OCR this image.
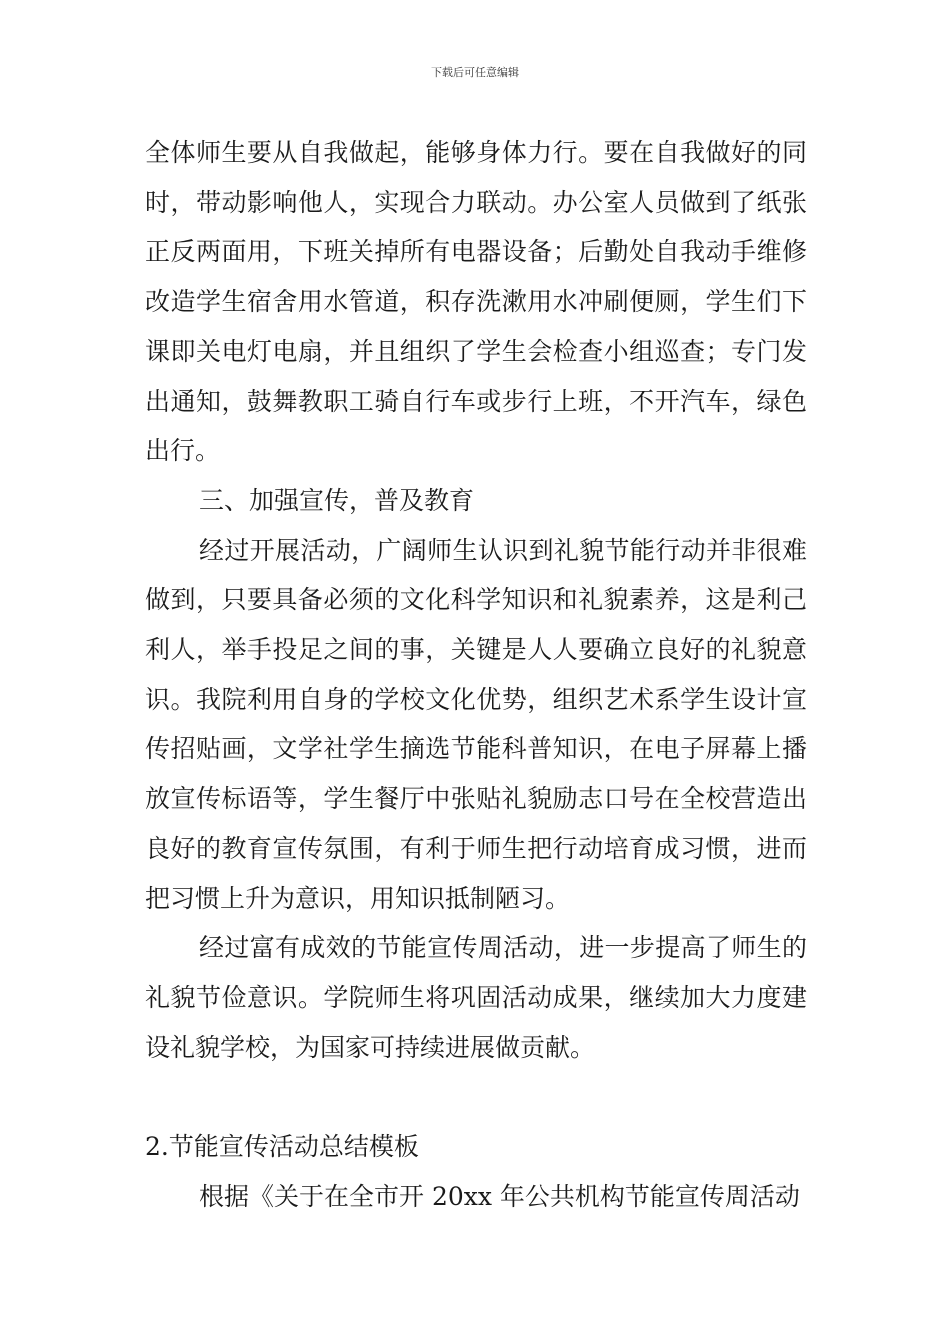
下载后可任意编辑

全体师生要从自我做起，能够身体力行。要在自我做好的同时，带动影响他人，实现合力联动。办公室人员做到了纸张正反两面用，下班关掉所有电器设备；后勤处自我动手维修改造学生宿舍用水管道，积存洗漱用水冲刷便厕，学生们下课即关电灯电扇，并且组织了学生会检查小组巡查；专门发出通知，鼓舞教职工骑自行车或步行上班，不开汽车，绿色出行。

三、加强宣传，普及教育

经过开展活动，广阔师生认识到礼貌节能行动并非很难做到，只要具备必须的文化科学知识和礼貌素养，这是利己利人，举手投足之间的事，关键是人人要确立良好的礼貌意识。我院利用自身的学校文化优势，组织艺术系学生设计宣传招贴画，文学社学生摘选节能科普知识，在电子屏幕上播放宣传标语等，学生餐厅中张贴礼貌励志口号在全校营造出良好的教育宣传氛围，有利于师生把行动培育成习惯，进而把习惯上升为意识，用知识抵制陋习。

经过富有成效的节能宣传周活动，进一步提高了师生的礼貌节俭意识。学院师生将巩固活动成果，继续加大力度建设礼貌学校，为国家可持续进展做贡献。

2.节能宣传活动总结模板

根据《关于在全市开 20xx 年公共机构节能宣传周活动
